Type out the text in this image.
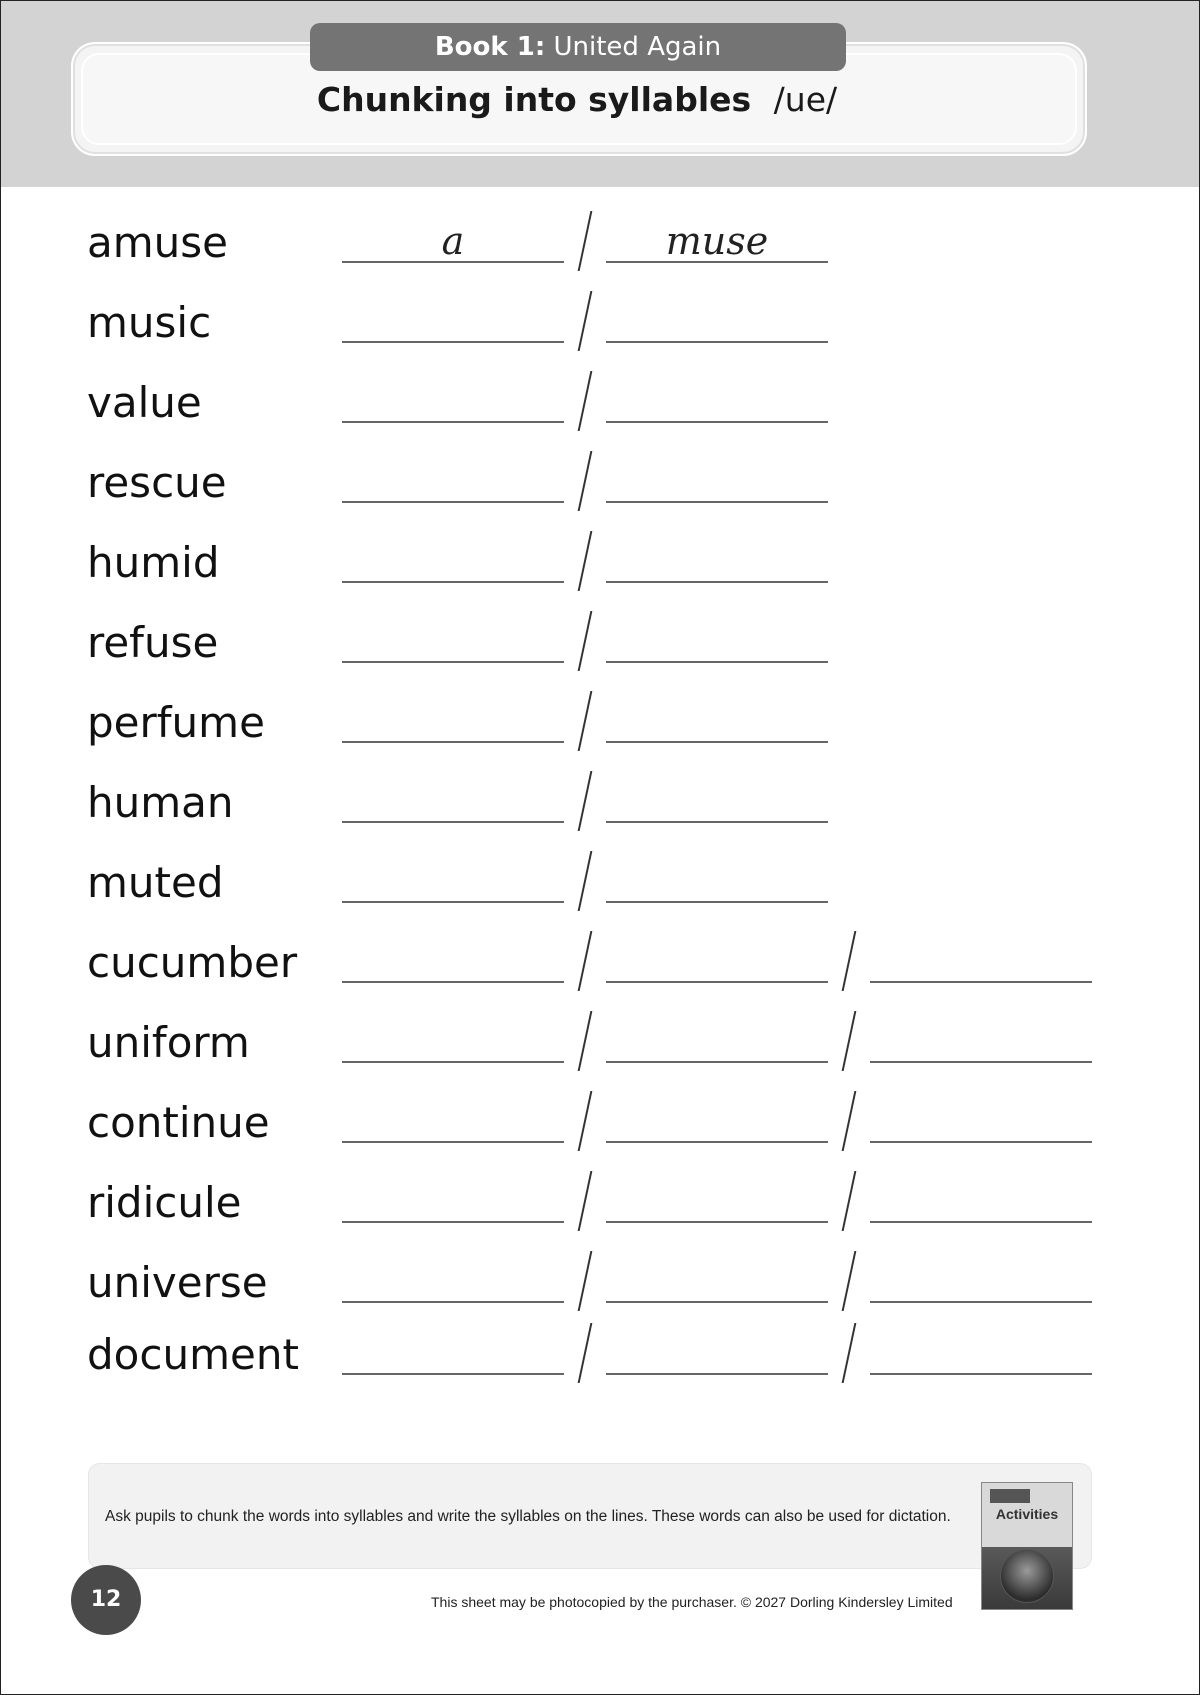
Book 1: United Again
Chunking into syllables /ue/
amuse	a	muse
music
value
rescue
humid
refuse
perfume
human
muted
cucumber
uniform
continue
ridicule
universe
document
Ask pupils to chunk the words into syllables and write the syllables on the lines. These words can also be used for dictation.	Activities
12	This sheet may be photocopied by the purchaser. © 2027 Dorling Kindersley Limited
